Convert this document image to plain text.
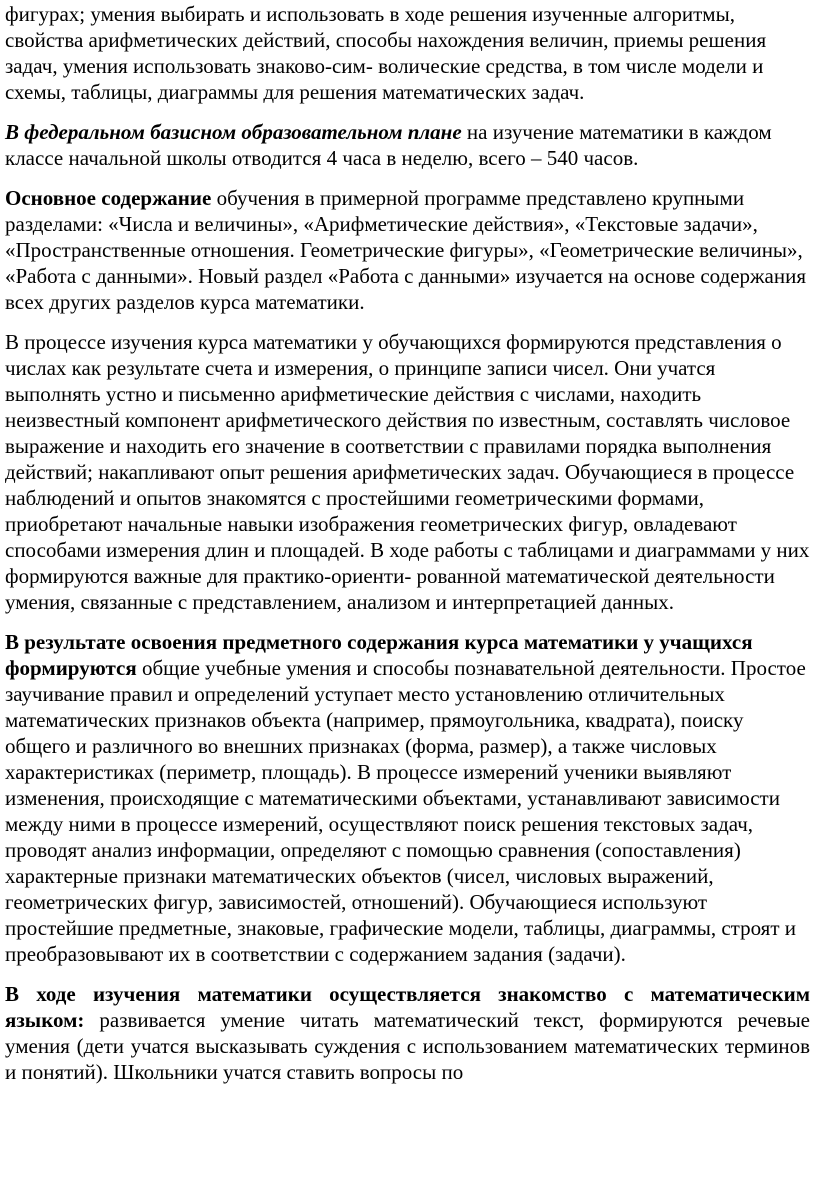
фигурах; умения выбирать и использовать в ходе решения изученные алгоритмы, свойства арифметических действий, способы нахождения величин, приемы решения задач, умения использовать знаково-сим- волические средства, в том числе модели и схемы, таблицы, диаграммы для решения математических задач.

В федеральном базисном образовательном плане на изучение математики в каждом классе начальной школы отводится 4 часа в неделю, всего – 540 часов.

Основное содержание обучения в примерной программе представлено крупными разделами: «Числа и величины», «Арифметические действия», «Текстовые задачи», «Пространственные отношения. Геометрические фигуры», «Геометрические величины», «Работа с данными». Новый раздел «Работа с данными» изучается на основе содержания всех других разделов курса математики.

В процессе изучения курса математики у обучающихся формируются представления о числах как результате счета и измерения, о принципе записи чисел. Они учатся выполнять устно и письменно арифметические действия с числами, находить неизвестный компонент арифметического действия по известным, составлять числовое выражение и находить его значение в соответствии с правилами порядка выполнения действий; накапливают опыт решения арифметических задач. Обучающиеся в процессе наблюдений и опытов знакомятся с простейшими геометрическими формами, приобретают начальные навыки изображения геометрических фигур, овладевают способами измерения длин и площадей. В ходе работы с таблицами и диаграммами у них формируются важные для практико-ориенти- рованной математической деятельности умения, связанные с представлением, анализом и интерпретацией данных.

В результате освоения предметного содержания курса математики у учащихся формируются общие учебные умения и способы познавательной деятельности. Простое заучивание правил и определений уступает место установлению отличительных математических признаков объекта (например, прямоугольника, квадрата), поиску общего и различного во внешних признаках (форма, размер), а также числовых характеристиках (периметр, площадь). В процессе измерений ученики выявляют изменения, происходящие с математическими объектами, устанавливают зависимости между ними в процессе измерений, осуществляют поиск решения текстовых задач, проводят анализ информации, определяют с помощью сравнения (сопоставления) характерные признаки математических объектов (чисел, числовых выражений, геометрических фигур, зависимостей, отношений). Обучающиеся используют простейшие предметные, знаковые, графические модели, таблицы, диаграммы, строят и преобразовывают их в соответствии с содержанием задания (задачи).

В ходе изучения математики осуществляется знакомство с математическим языком: развивается умение читать математический текст, формируются речевые умения (дети учатся высказывать суждения с использованием математических терминов и понятий). Школьники учатся ставить вопросы по
